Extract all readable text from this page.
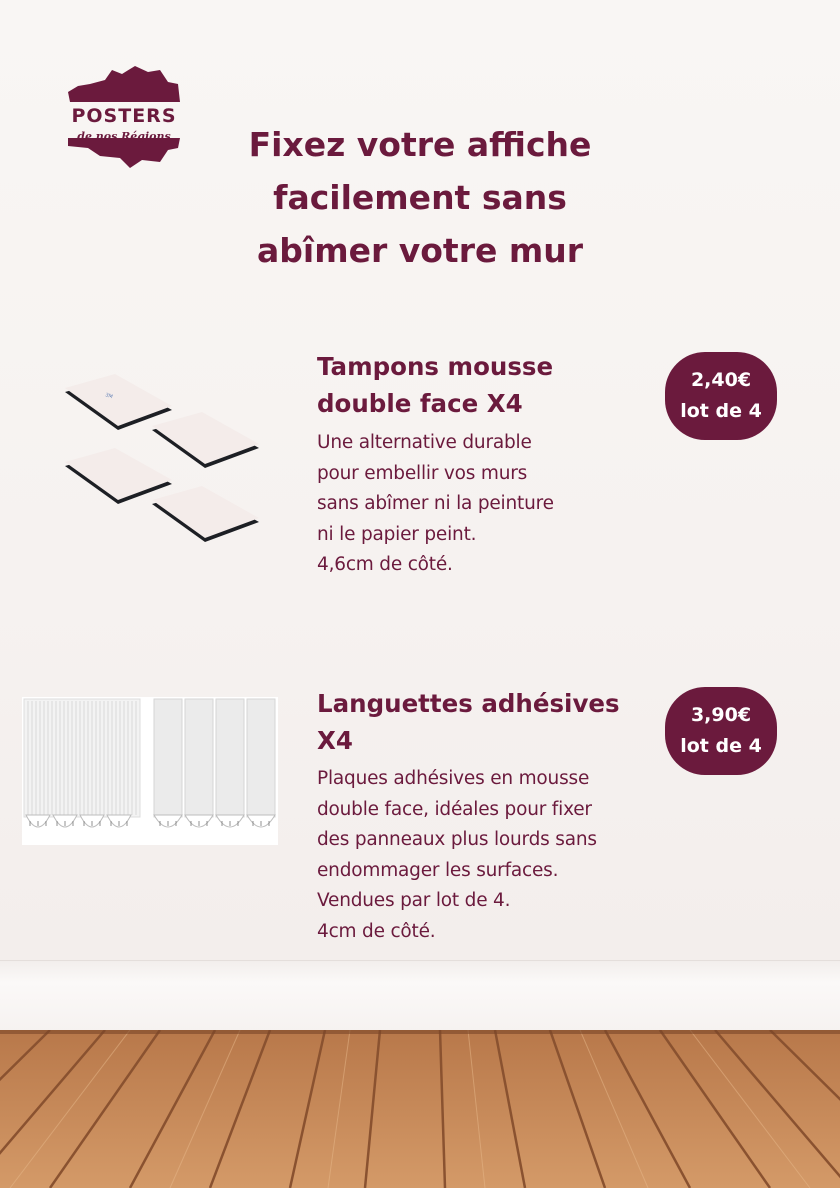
POSTERS
de nos Régions	Fixez votre affiche
facilement sans
abîmer votre mur
3M
Tampons mousse
double face X4

Une alternative durable
pour embellir vos murs
sans abîmer ni la peinture
ni le papier peint.
4,6cm de côté.

2,40€
lot de 4
Languettes adhésives
X4

Plaques adhésives en mousse
double face, idéales pour fixer
des panneaux plus lourds sans
endommager les surfaces.
Vendues par lot de 4.
4cm de côté.

3,90€
lot de 4
